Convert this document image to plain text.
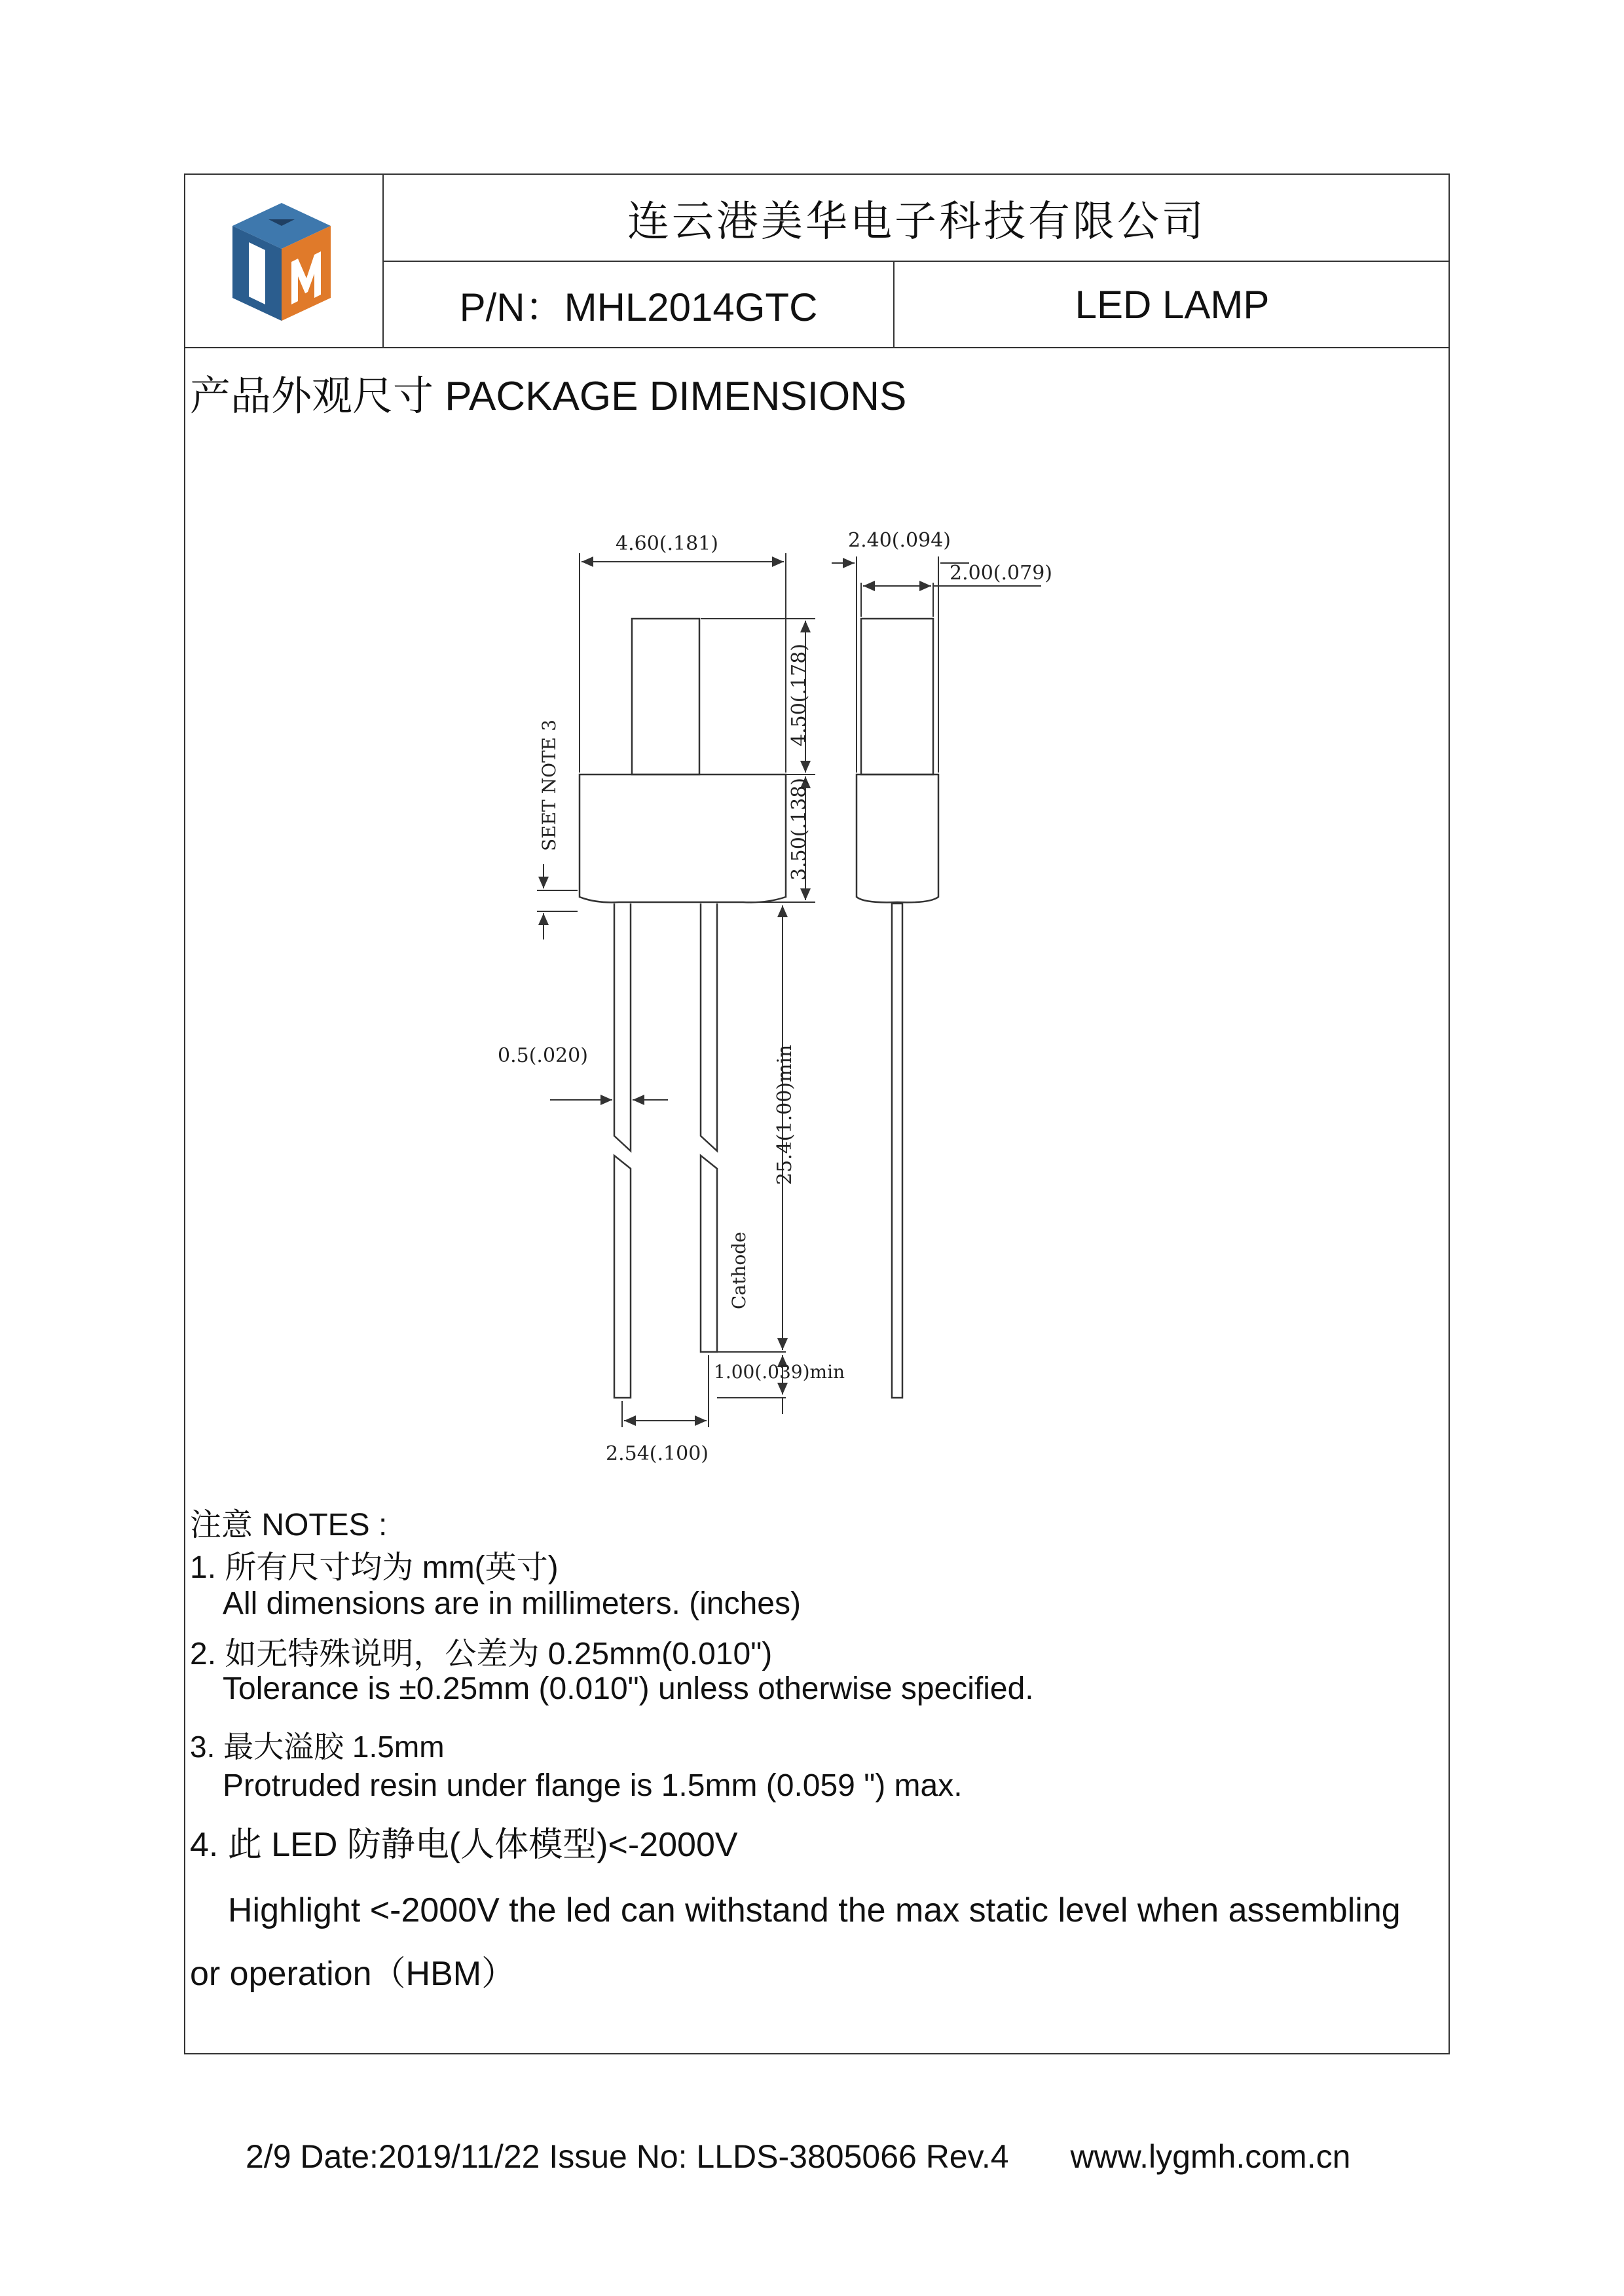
连云港美华电子科技有限公司
P/N：MHL2014GTC	LED LAMP
产品外观尺寸 PACKAGE DIMENSIONS
4.60(.181)	2.40(.094)
2.00(.079)
4.50(.178)
3.50(.138)
SEET NOTE 3
0.5(.020)	25.4(1.00)min
Cathode
1.00(.039)min
2.54(.100)
注意 NOTES :
1. 所有尺寸均为 mm(英寸)
All dimensions are in millimeters. (inches)
2. 如无特殊说明，公差为 0.25mm(0.010")
Tolerance is ±0.25mm (0.010") unless otherwise specified.
3. 最大溢胶 1.5mm
Protruded resin under flange is 1.5mm (0.059 ") max.
4. 此 LED 防静电(人体模型)<-2000V
Highlight <-2000V the led can withstand the max static level when assembling
or operation（HBM）
2/9 Date:2019/11/22 Issue No: LLDS-3805066 Rev.4 www.lygmh.com.cn
